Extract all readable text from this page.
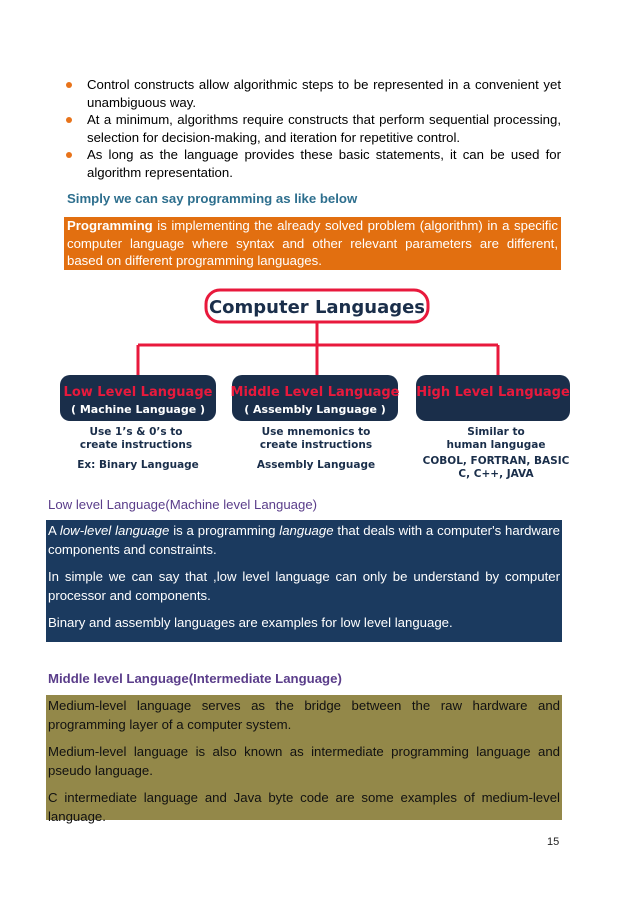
Control constructs allow algorithmic steps to be represented in a convenient yet unambiguous way.
At a minimum, algorithms require constructs that perform sequential processing, selection for decision-making, and iteration for repetitive control.
As long as the language provides these basic statements, it can be used for algorithm representation.
Simply we can say programming as like below
Programming is implementing the already solved problem (algorithm) in a specific computer language where syntax and other relevant parameters are different, based on different programming languages.
Computer Languages
Low Level Language
( Machine Language )
Middle Level Language
( Assembly Language )
High Level Language
Use 1’s & 0’s to
create instructions
Ex: Binary Language
Use mnemonics to
create instructions
Assembly Language
Similar to
human langugae
COBOL, FORTRAN, BASIC
C, C++, JAVA
Low level Language(Machine level Language)

A low-level language is a programming language that deals with a computer's hardware components and constraints.

In simple we can say that ,low level language can only be understand by computer processor and components.

Binary and assembly languages are examples for low level language.

Middle level Language(Intermediate Language)

Medium-level language serves as the bridge between the raw hardware and programming layer of a computer system.

Medium-level language is also known as intermediate programming language and pseudo language.

C intermediate language and Java byte code are some examples of medium-level language.

15
